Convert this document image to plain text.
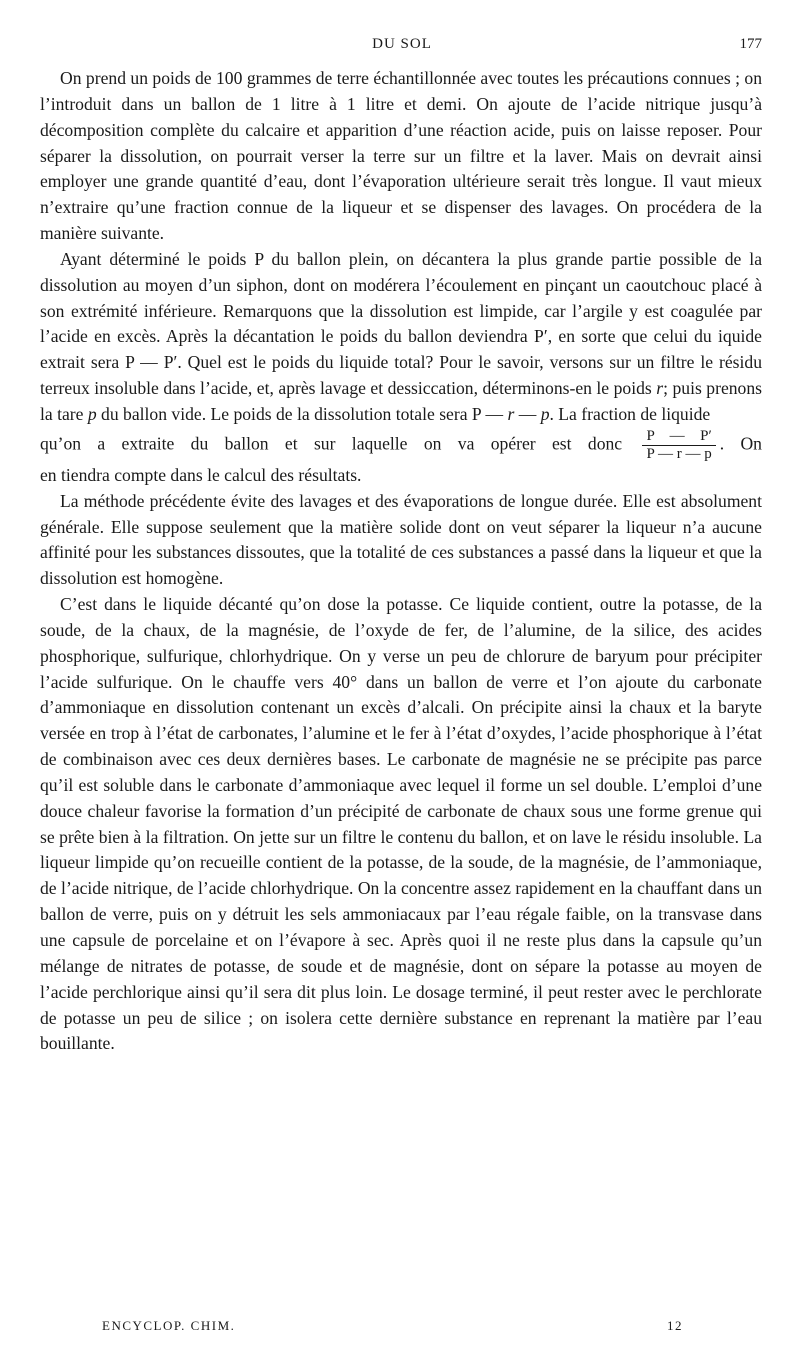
DU SOL	177

On prend un poids de 100 grammes de terre échantillonnée avec toutes les précautions connues ; on l’introduit dans un ballon de 1 litre à 1 litre et demi. On ajoute de l’acide nitrique jusqu’à décomposition complète du calcaire et apparition d’une réaction acide, puis on laisse reposer. Pour séparer la dissolution, on pourrait verser la terre sur un filtre et la laver. Mais on devrait ainsi employer une grande quantité d’eau, dont l’évaporation ultérieure serait très longue. Il vaut mieux n’extraire qu’une fraction connue de la liqueur et se dispenser des lavages. On procédera de la manière suivante.

Ayant déterminé le poids P du ballon plein, on décantera la plus grande partie possible de la dissolution au moyen d’un siphon, dont on modérera l’écoulement en pinçant un caoutchouc placé à son extrémité inférieure. Remarquons que la dissolution est limpide, car l’argile y est coagulée par l’acide en excès. Après la décantation le poids du ballon deviendra P′, en sorte que celui du iquide extrait sera P — P′. Quel est le poids du liquide total? Pour le savoir, versons sur un filtre le résidu terreux insoluble dans l’acide, et, après lavage et dessiccation, déterminons-en le poids r; puis prenons la tare p du ballon vide. Le poids de la dissolution totale sera P — r — p. La fraction de liquide

qu’on a extraite du ballon et sur laquelle on va opérer est donc $\frac{P — P'}{P — r — p}$ . On

en tiendra compte dans le calcul des résultats.

La méthode précédente évite des lavages et des évaporations de longue durée. Elle est absolument générale. Elle suppose seulement que la matière solide dont on veut séparer la liqueur n’a aucune affinité pour les substances dissoutes, que la totalité de ces substances a passé dans la liqueur et que la dissolution est homogène.

C’est dans le liquide décanté qu’on dose la potasse. Ce liquide contient, outre la potasse, de la soude, de la chaux, de la magnésie, de l’oxyde de fer, de l’alumine, de la silice, des acides phosphorique, sulfurique, chlorhydrique. On y verse un peu de chlorure de baryum pour précipiter l’acide sulfurique. On le chauffe vers 40° dans un ballon de verre et l’on ajoute du carbonate d’ammoniaque en dissolution contenant un excès d’alcali. On précipite ainsi la chaux et la baryte versée en trop à l’état de carbonates, l’alumine et le fer à l’état d’oxydes, l’acide phosphorique à l’état de combinaison avec ces deux dernières bases. Le carbonate de magnésie ne se précipite pas parce qu’il est soluble dans le carbonate d’ammoniaque avec lequel il forme un sel double. L’emploi d’une douce chaleur favorise la formation d’un précipité de carbonate de chaux sous une forme grenue qui se prête bien à la filtration. On jette sur un filtre le contenu du ballon, et on lave le résidu insoluble. La liqueur limpide qu’on recueille contient de la potasse, de la soude, de la magnésie, de l’ammoniaque, de l’acide nitrique, de l’acide chlorhydrique. On la concentre assez rapidement en la chauffant dans un ballon de verre, puis on y détruit les sels ammoniacaux par l’eau régale faible, on la transvase dans une capsule de porcelaine et on l’évapore à sec. Après quoi il ne reste plus dans la capsule qu’un mélange de nitrates de potasse, de soude et de magnésie, dont on sépare la potasse au moyen de l’acide perchlorique ainsi qu’il sera dit plus loin. Le dosage terminé, il peut rester avec le perchlorate de potasse un peu de silice ; on isolera cette dernière substance en reprenant la matière par l’eau bouillante.

ENCYCLOP. CHIM.	12
